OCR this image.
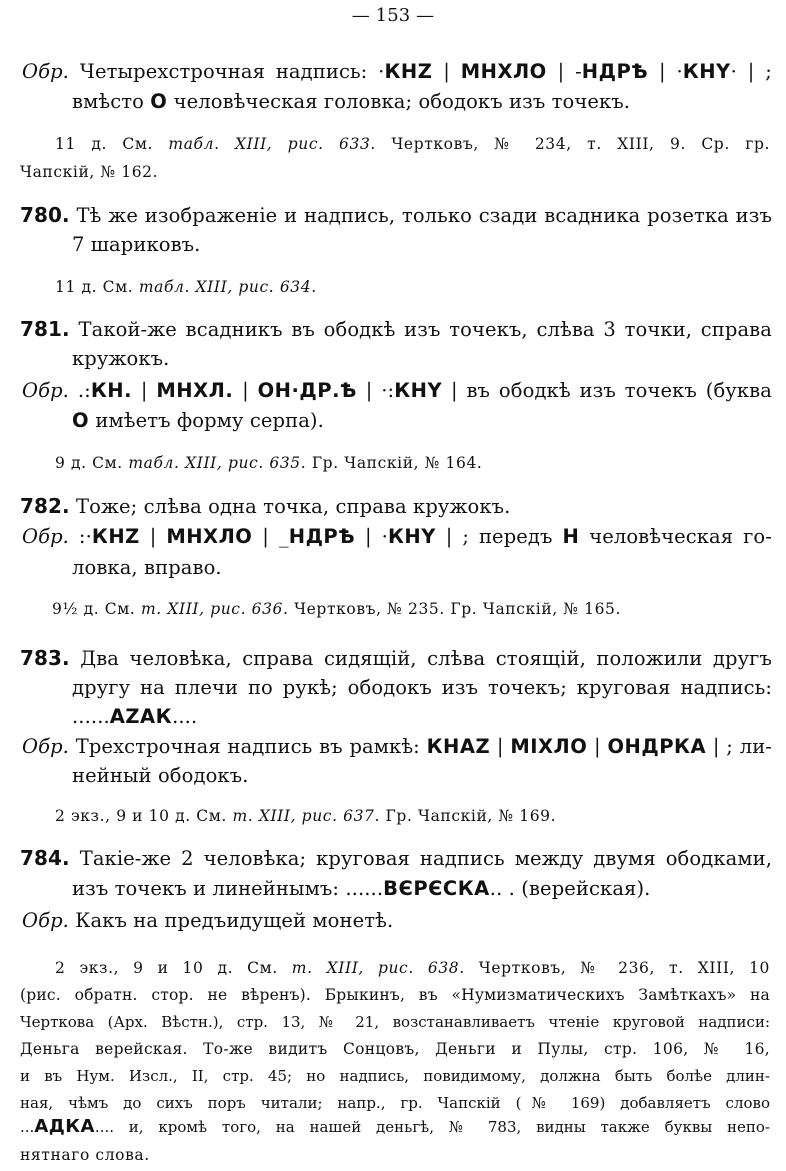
— 153 —
Обр. Четырехстрочная надпись: ·КНZ | МНХЛО | -НДРѢ | ·КНY· | ;
вмѣсто О человѣческая головка; ободокъ изъ точекъ.
11 д. См. табл. XIII, рис. 633. Чертковъ, № 234, т. XIII, 9. Ср. гр.
Чапскій, № 162.
780. Тѣ же изображеніе и надпись, только сзади всадника розетка изъ
7 шариковъ.
11 д. См. табл. XIII, рис. 634.
781. Такой-же всадникъ въ ободкѣ изъ точекъ, слѣва 3 точки, справа
кружокъ.
Обр. .:КН. | МНХЛ. | ОН·ДР.Ѣ | ·:КНY | въ ободкѣ изъ точекъ (буква
О имѣетъ форму серпа).
9 д. См. табл. XIII, рис. 635. Гр. Чапскій, № 164.
782. Тоже; слѣва одна точка, справа кружокъ.
Обр. :·КНZ | МНХЛО | _НДРѢ | ·КНY | ; передъ Н человѣческая го-
ловка, вправо.
9½ д. См. т. XIII, рис. 636. Чертковъ, № 235. Гр. Чапскій, № 165.
783. Два человѣка, справа сидящій, слѣва стоящій, положили другъ
другу на плечи по рукѣ; ободокъ изъ точекъ; круговая надпись:
......АZАК....
Обр. Трехстрочная надпись въ рамкѣ: КНАZ | МІХЛО | ОНДРКА | ; ли-
нейный ободокъ.
2 экз., 9 и 10 д. См. т. XIII, рис. 637. Гр. Чапскій, № 169.
784. Такіе-же 2 человѣка; круговая надпись между двумя ободками,
изъ точекъ и линейнымъ: ......ВЄРЄСКА.. . (верейская).
Обр. Какъ на предъидущей монетѣ.
2 экз., 9 и 10 д. См. т. XIII, рис. 638. Чертковъ, № 236, т. XIII, 10
(рис. обратн. стор. не вѣренъ). Брыкинъ, въ «Нумизматическихъ Замѣткахъ» на
Черткова (Арх. Вѣстн.), стр. 13, № 21, возстанавливаетъ чтеніе круговой надписи:
Деньга верейская. То-же видитъ Сонцовъ, Деньги и Пулы, стр. 106, № 16,
и въ Нум. Изсл., II, стр. 45; но надпись, повидимому, должна быть болѣе длин-
ная, чѣмъ до сихъ поръ читали; напр., гр. Чапскій (№ 169) добавляетъ слово
...АДКА.... и, кромѣ того, на нашей деньгѣ, № 783, видны также буквы непо-
нятнаго слова.
